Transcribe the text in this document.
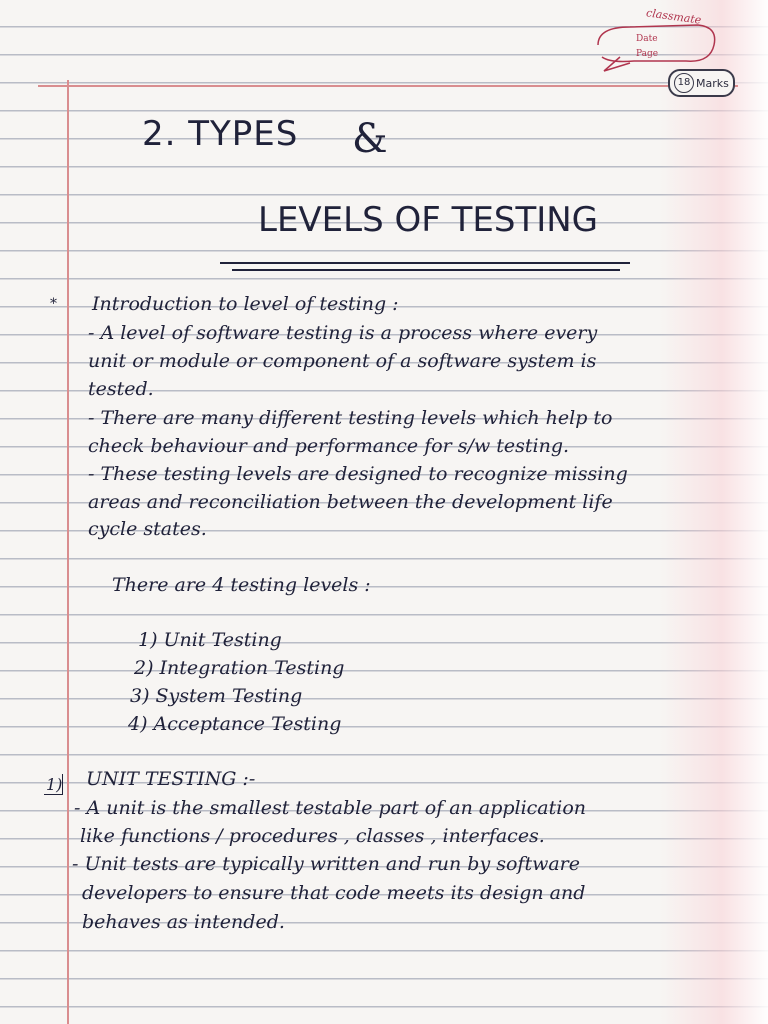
classmate
Date
Page
18 Marks
2. TYPES &
LEVELS OF TESTING
* Introduction to level of testing :
- A level of software testing is a process where every
unit or module or component of a software system is
tested.
- There are many different testing levels which help to
check behaviour and performance for s/w testing.
- These testing levels are designed to recognize missing
areas and reconciliation between the development life
cycle states.
There are 4 testing levels :
1) Unit Testing
2) Integration Testing
3) System Testing
4) Acceptance Testing
1) UNIT TESTING :-
- A unit is the smallest testable part of an application
like functions / procedures , classes , interfaces.
- Unit tests are typically written and run by software
developers to ensure that code meets its design and
behaves as intended.
